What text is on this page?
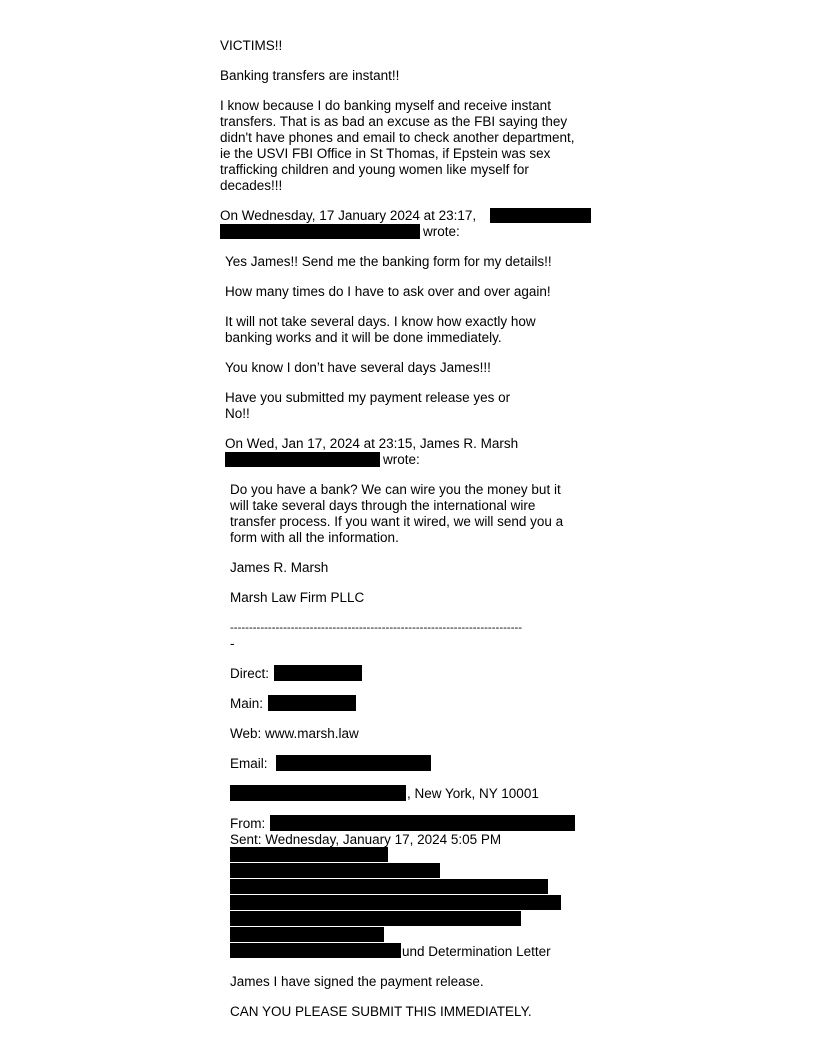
VICTIMS!!
Banking transfers are instant!!
I know because I do banking myself and receive instant
transfers. That is as bad an excuse as the FBI saying they
didn't have phones and email to check another department,
ie the USVI FBI Office in St Thomas, if Epstein was sex
trafficking children and young women like myself for
decades!!!
On Wednesday, 17 January 2024 at 23:17,
wrote:
Yes James!! Send me the banking form for my details!!
How many times do I have to ask over and over again!
It will not take several days. I know how exactly how
banking works and it will be done immediately.
You know I don’t have several days James!!!
Have you submitted my payment release yes or
No!!
On Wed, Jan 17, 2024 at 23:15, James R. Marsh
wrote:
Do you have a bank? We can wire you the money but it
will take several days through the international wire
transfer process. If you want it wired, we will send you a
form with all the information.
James R. Marsh
Marsh Law Firm PLLC
-----------------------------------------------------------------------------
-
Direct:
Main:
Web: www.marsh.law
Email:
, New York, NY 10001
From:
Sent: Wednesday, January 17, 2024 5:05 PM
und Determination Letter
James I have signed the payment release.
CAN YOU PLEASE SUBMIT THIS IMMEDIATELY.
